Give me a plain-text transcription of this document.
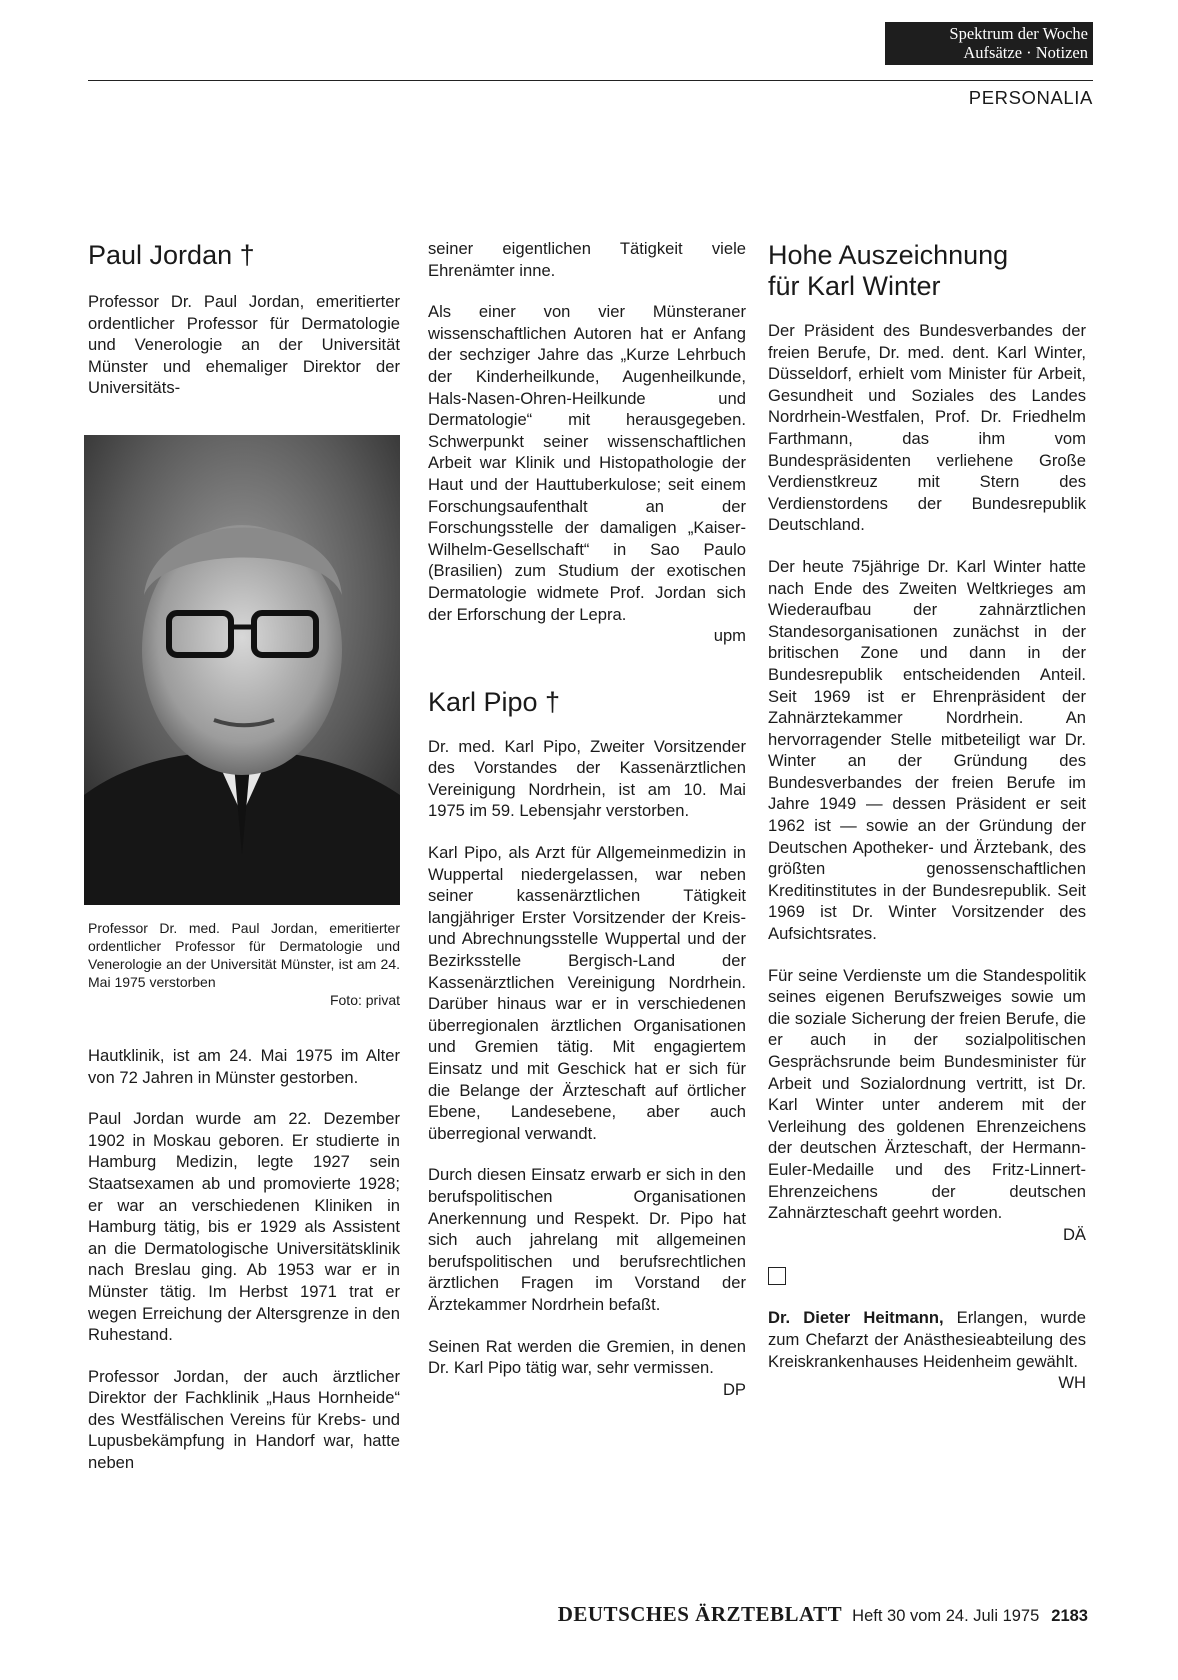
Spektrum der Woche
Aufsätze · Notizen
PERSONALIA
Paul Jordan †

Professor Dr. Paul Jordan, emeritierter ordentlicher Professor für Dermatologie und Venerologie an der Universität Münster und ehemaliger Direktor der Universitäts-

Professor Dr. med. Paul Jordan, emeritierter ordentlicher Professor für Dermatologie und Venerologie an der Universität Münster, ist am 24. Mai 1975 verstorben
Foto: privat

Hautklinik, ist am 24. Mai 1975 im Alter von 72 Jahren in Münster gestorben.

Paul Jordan wurde am 22. Dezember 1902 in Moskau geboren. Er studierte in Hamburg Medizin, legte 1927 sein Staatsexamen ab und promovierte 1928; er war an verschiedenen Kliniken in Hamburg tätig, bis er 1929 als Assistent an die Dermatologische Universitätsklinik nach Breslau ging. Ab 1953 war er in Münster tätig. Im Herbst 1971 trat er wegen Erreichung der Altersgrenze in den Ruhestand.

Professor Jordan, der auch ärztlicher Direktor der Fachklinik „Haus Hornheide“ des Westfälischen Vereins für Krebs- und Lupusbekämpfung in Handorf war, hatte neben

seiner eigentlichen Tätigkeit viele Ehrenämter inne.

Als einer von vier Münsteraner wissenschaftlichen Autoren hat er Anfang der sechziger Jahre das „Kurze Lehrbuch der Kinderheilkunde, Augenheilkunde, Hals-Nasen-Ohren-Heilkunde und Dermatologie“ mit herausgegeben. Schwerpunkt seiner wissenschaftlichen Arbeit war Klinik und Histopathologie der Haut und der Hauttuberkulose; seit einem Forschungsaufenthalt an der Forschungsstelle der damaligen „Kaiser-Wilhelm-Gesellschaft“ in Sao Paulo (Brasilien) zum Studium der exotischen Dermatologie widmete Prof. Jordan sich der Erforschung der Lepra.

upm
Karl Pipo †

Dr. med. Karl Pipo, Zweiter Vorsitzender des Vorstandes der Kassenärztlichen Vereinigung Nordrhein, ist am 10. Mai 1975 im 59. Lebensjahr verstorben.

Karl Pipo, als Arzt für Allgemeinmedizin in Wuppertal niedergelassen, war neben seiner kassenärztlichen Tätigkeit langjähriger Erster Vorsitzender der Kreis- und Abrechnungsstelle Wuppertal und der Bezirksstelle Bergisch-Land der Kassenärztlichen Vereinigung Nordrhein. Darüber hinaus war er in verschiedenen überregionalen ärztlichen Organisationen und Gremien tätig. Mit engagiertem Einsatz und mit Geschick hat er sich für die Belange der Ärzteschaft auf örtlicher Ebene, Landesebene, aber auch überregional verwandt.

Durch diesen Einsatz erwarb er sich in den berufspolitischen Organisationen Anerkennung und Respekt. Dr. Pipo hat sich auch jahrelang mit allgemeinen berufspolitischen und berufsrechtlichen ärztlichen Fragen im Vorstand der Ärztekammer Nordrhein befaßt.

Seinen Rat werden die Gremien, in denen Dr. Karl Pipo tätig war, sehr vermissen.

DP
Hohe Auszeichnung
für Karl Winter

Der Präsident des Bundesverbandes der freien Berufe, Dr. med. dent. Karl Winter, Düsseldorf, erhielt vom Minister für Arbeit, Gesundheit und Soziales des Landes Nordrhein-Westfalen, Prof. Dr. Friedhelm Farthmann, das ihm vom Bundespräsidenten verliehene Große Verdienstkreuz mit Stern des Verdienstordens der Bundesrepublik Deutschland.

Der heute 75jährige Dr. Karl Winter hatte nach Ende des Zweiten Weltkrieges am Wiederaufbau der zahnärztlichen Standesorganisationen zunächst in der britischen Zone und dann in der Bundesrepublik entscheidenden Anteil. Seit 1969 ist er Ehrenpräsident der Zahnärztekammer Nordrhein. An hervorragender Stelle mitbeteiligt war Dr. Winter an der Gründung des Bundesverbandes der freien Berufe im Jahre 1949 — dessen Präsident er seit 1962 ist — sowie an der Gründung der Deutschen Apotheker- und Ärztebank, des größten genossenschaftlichen Kreditinstitutes in der Bundesrepublik. Seit 1969 ist Dr. Winter Vorsitzender des Aufsichtsrates.

Für seine Verdienste um die Standespolitik seines eigenen Berufszweiges sowie um die soziale Sicherung der freien Berufe, die er auch in der sozialpolitischen Gesprächsrunde beim Bundesminister für Arbeit und Sozialordnung vertritt, ist Dr. Karl Winter unter anderem mit der Verleihung des goldenen Ehrenzeichens der deutschen Ärzteschaft, der Hermann-Euler-Medaille und des Fritz-Linnert-Ehrenzeichens der deutschen Zahnärzteschaft geehrt worden.

DÄ

Dr. Dieter Heitmann, Erlangen, wurde zum Chefarzt der Anästhesieabteilung des Kreiskrankenhauses Heidenheim gewählt.

WH
DEUTSCHES ÄRZTEBLATT Heft 30 vom 24. Juli 1975 2183
